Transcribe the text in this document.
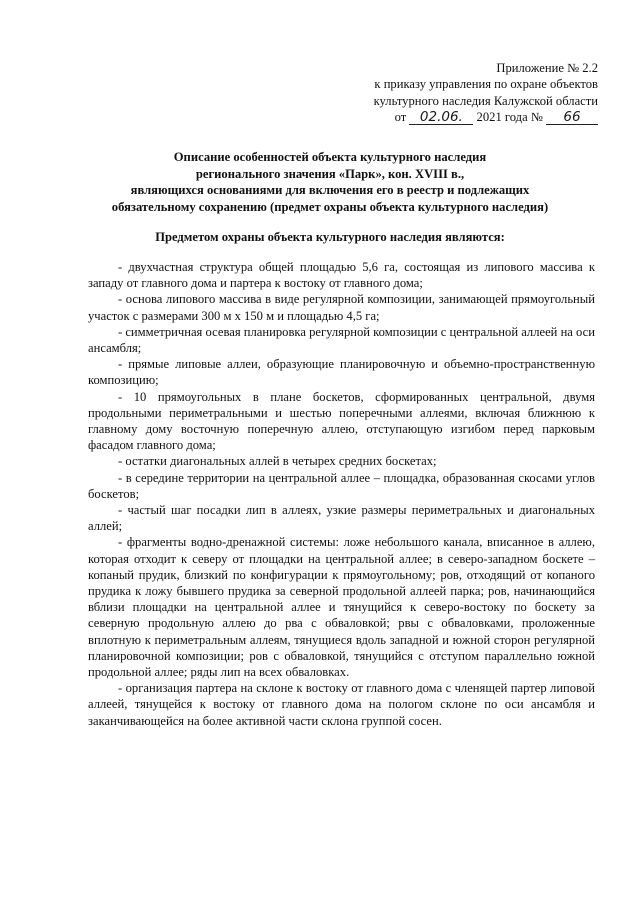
Приложение № 2.2
к приказу управления по охране объектов
культурного наследия Калужской области
от 02.06. 2021 года № 66
Описание особенностей объекта культурного наследия
регионального значения «Парк», кон. XVIII в.,
являющихся основаниями для включения его в реестр и подлежащих
обязательному сохранению (предмет охраны объекта культурного наследия)
Предметом охраны объекта культурного наследия являются:

- двухчастная структура общей площадью 5,6 га, состоящая из липового массива к западу от главного дома и партера к востоку от главного дома;

- основа липового массива в виде регулярной композиции, занимающей прямоугольный участок с размерами 300 м х 150 м и площадью 4,5 га;

- симметричная осевая планировка регулярной композиции с центральной аллеей на оси ансамбля;

- прямые липовые аллеи, образующие планировочную и объемно-пространственную композицию;

- 10 прямоугольных в плане боскетов, сформированных центральной, двумя продольными периметральными и шестью поперечными аллеями, включая ближнюю к главному дому восточную поперечную аллею, отступающую изгибом перед парковым фасадом главного дома;

- остатки диагональных аллей в четырех средних боскетах;

- в середине территории на центральной аллее – площадка, образованная скосами углов боскетов;

- частый шаг посадки лип в аллеях, узкие размеры периметральных и диагональных аллей;

- фрагменты водно-дренажной системы: ложе небольшого канала, вписанное в аллею, которая отходит к северу от площадки на центральной аллее; в северо-западном боскете – копаный прудик, близкий по конфигурации к прямоугольному; ров, отходящий от копаного прудика к ложу бывшего прудика за северной продольной аллеей парка; ров, начинающийся вблизи площадки на центральной аллее и тянущийся к северо-востоку по боскету за северную продольную аллею до рва с обваловкой; рвы с обваловками, проложенные вплотную к периметральным аллеям, тянущиеся вдоль западной и южной сторон регулярной планировочной композиции; ров с обваловкой, тянущийся с отступом параллельно южной продольной аллее; ряды лип на всех обваловках.

- организация партера на склоне к востоку от главного дома с членящей партер липовой аллеей, тянущейся к востоку от главного дома на пологом склоне по оси ансамбля и заканчивающейся на более активной части склона группой сосен.
